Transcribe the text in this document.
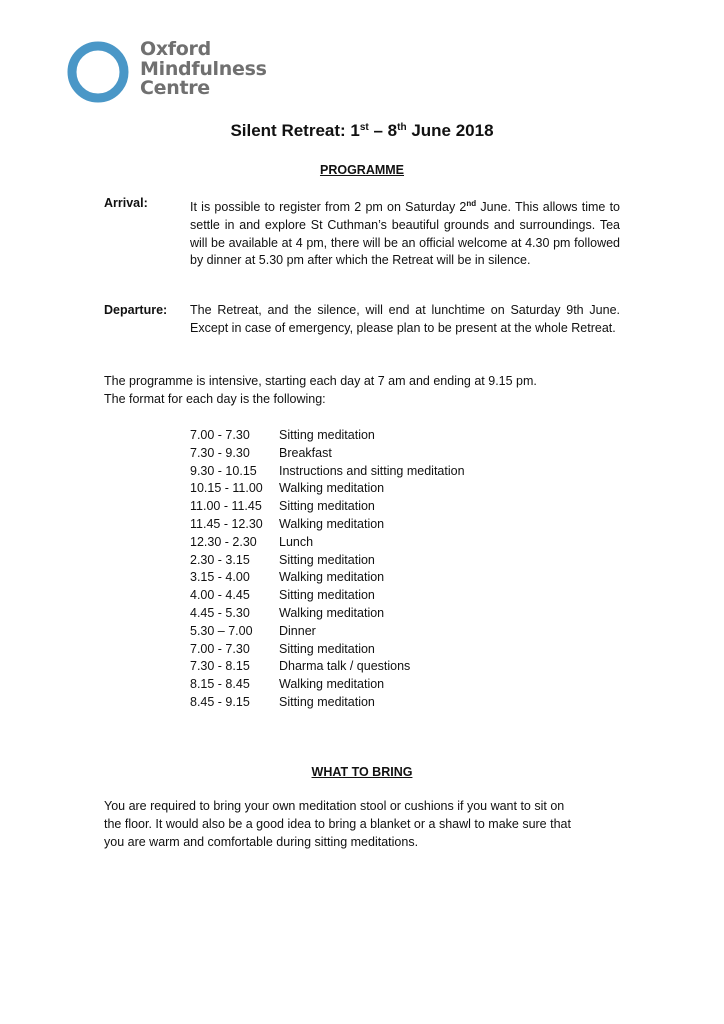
Oxford
Mindfulness
Centre
Silent Retreat: 1st – 8th June 2018
PROGRAMME
Arrival:	It is possible to register from 2 pm on Saturday 2nd June. This allows time to settle in and explore St Cuthman’s beautiful grounds and surroundings. Tea will be available at 4 pm, there will be an official welcome at 4.30 pm followed by dinner at 5.30 pm after which the Retreat will be in silence.
Departure: The Retreat, and the silence, will end at lunchtime on Saturday 9th June. Except in case of emergency, please plan to be present at the whole Retreat.
The programme is intensive, starting each day at 7 am and ending at 9.15 pm.
The format for each day is the following:
7.00 - 7.30 Sitting meditation
7.30 - 9.30 Breakfast
9.30 - 10.15 Instructions and sitting meditation
10.15 - 11.00 Walking meditation
11.00 - 11.45 Sitting meditation
11.45 - 12.30 Walking meditation
12.30 - 2.30 Lunch
2.30 - 3.15 Sitting meditation
3.15 - 4.00 Walking meditation
4.00 - 4.45 Sitting meditation
4.45 - 5.30 Walking meditation
5.30 – 7.00 Dinner
7.00 - 7.30 Sitting meditation
7.30 - 8.15 Dharma talk / questions
8.15 - 8.45 Walking meditation
8.45 - 9.15 Sitting meditation
WHAT TO BRING
You are required to bring your own meditation stool or cushions if you want to sit on
the floor. It would also be a good idea to bring a blanket or a shawl to make sure that
you are warm and comfortable during sitting meditations.
